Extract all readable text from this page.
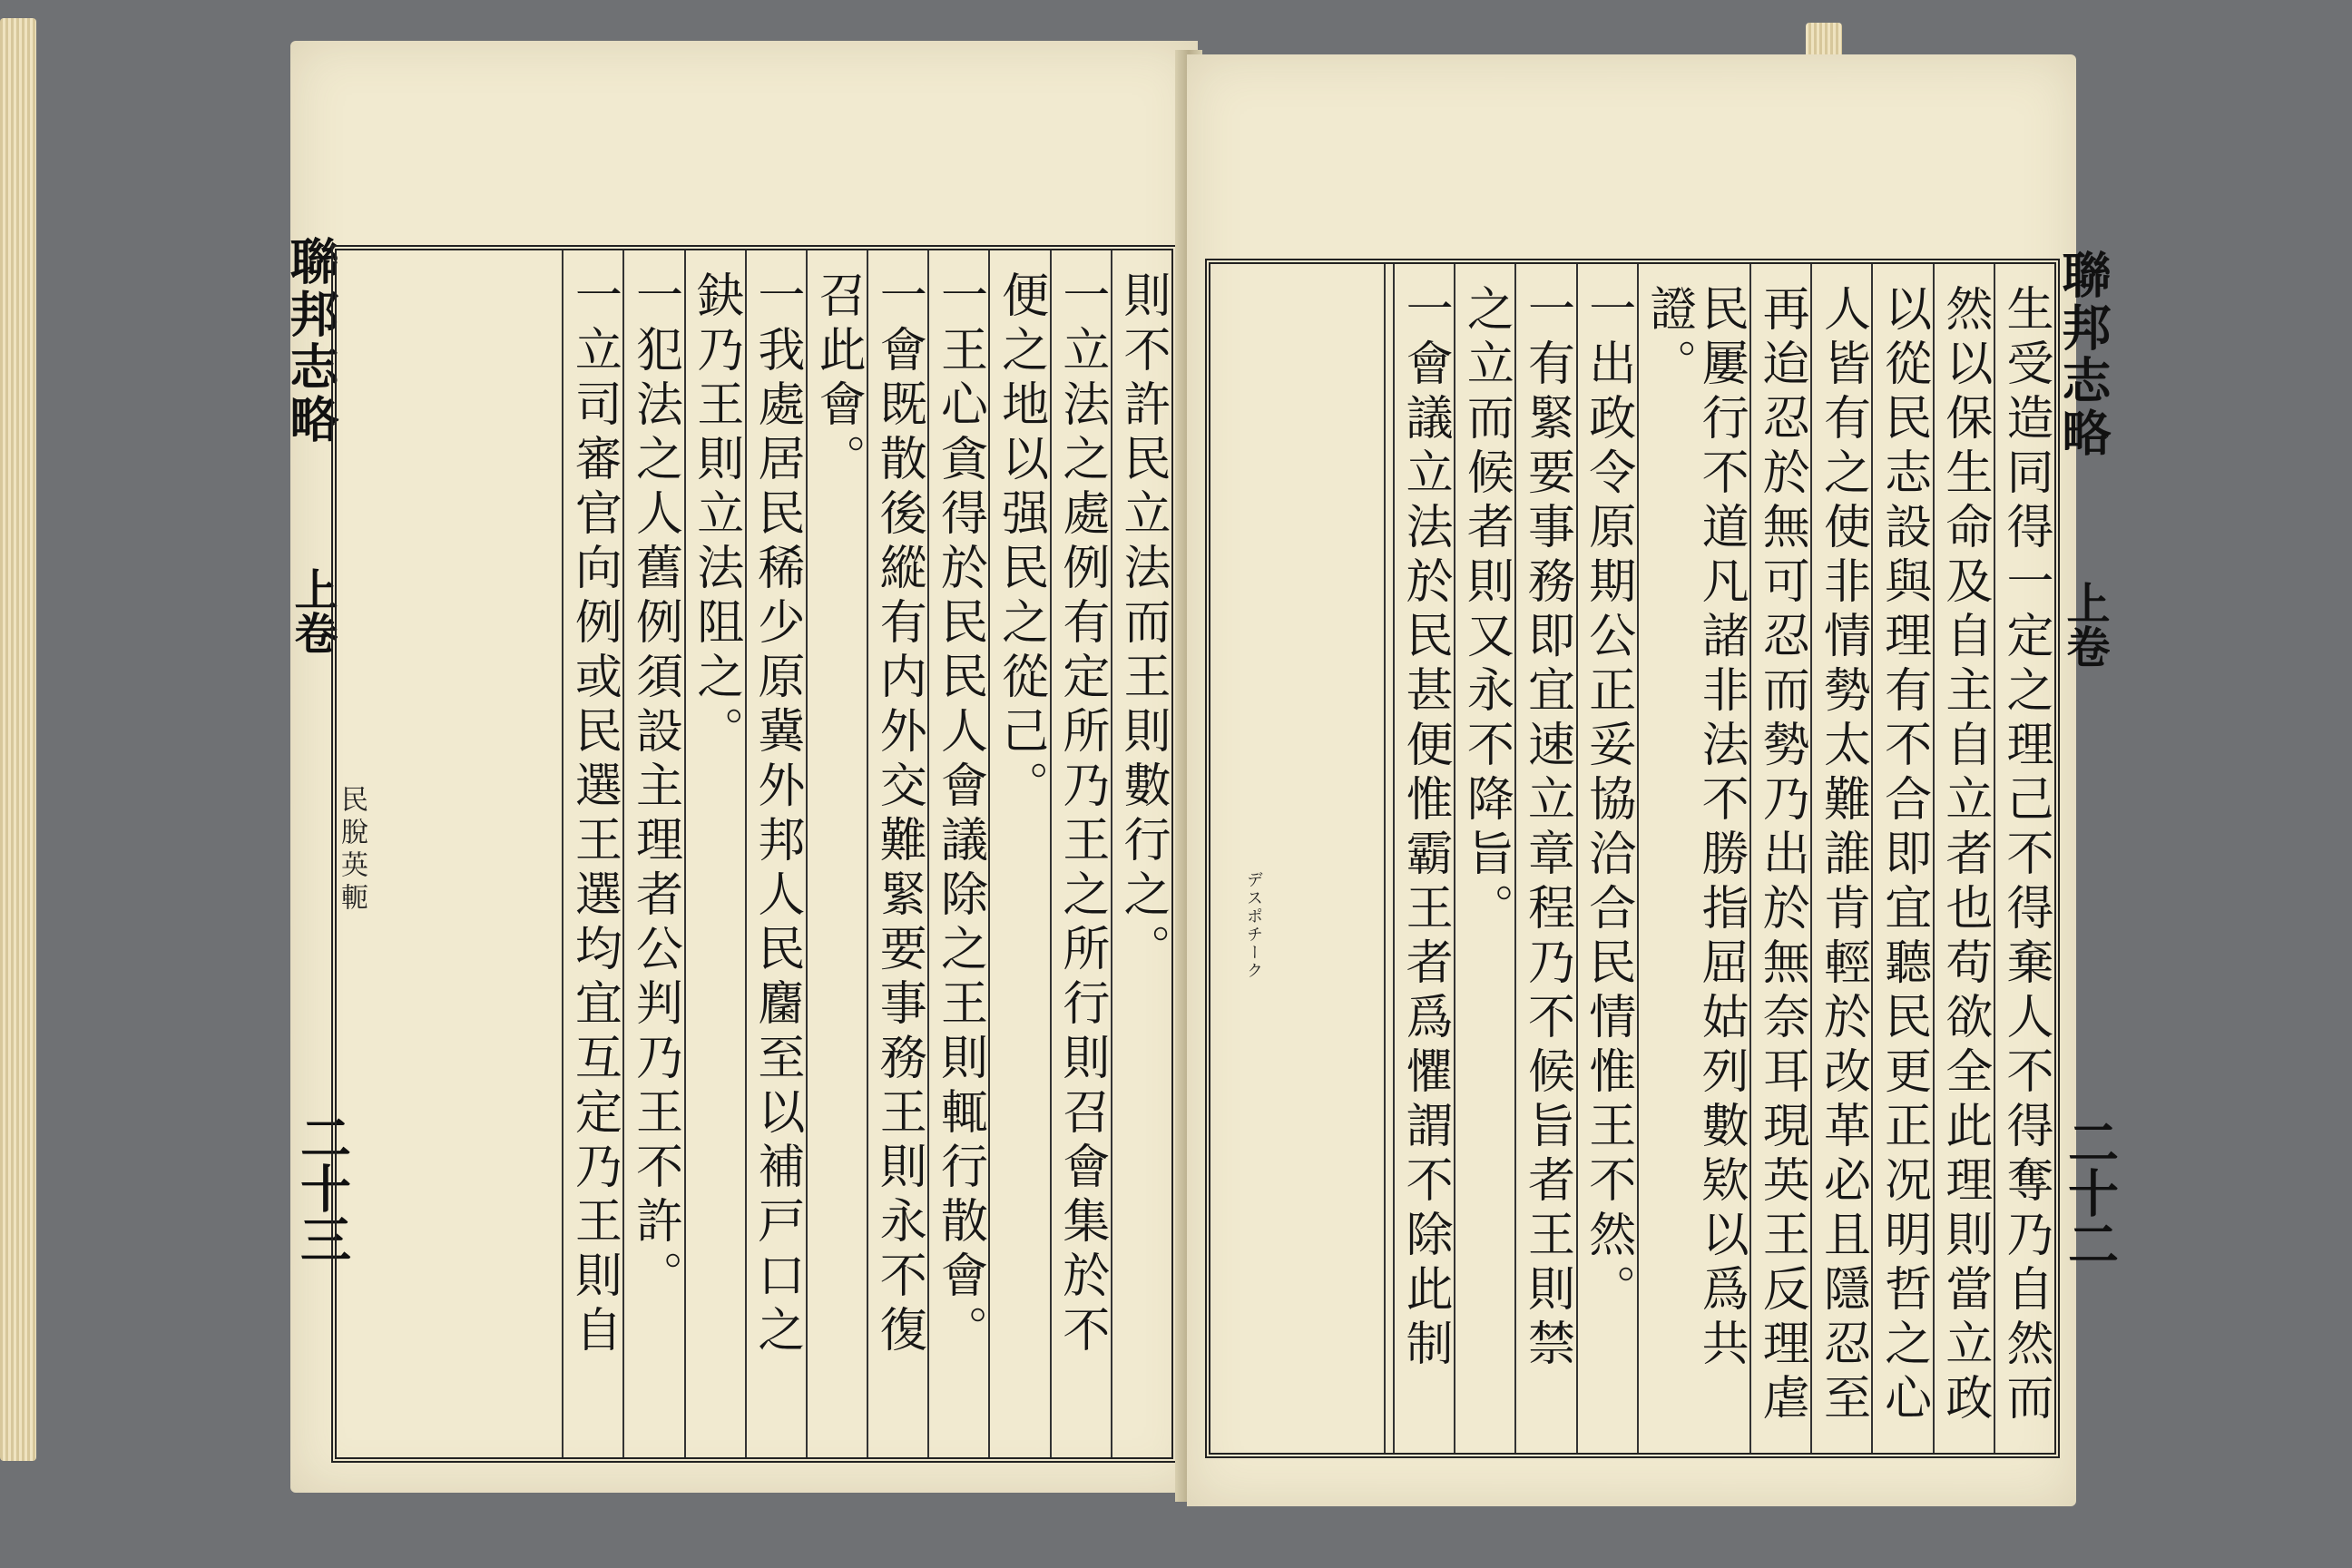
聯邦志略
上卷
民脫英軛
二十三
則不許民立法而王則數行之。
一立法之處例有定所乃王之所行則召會集於不
便之地以强民之從己。
一王心貪得於民民人會議除之王則輒行散會。
一會既散後縱有内外交難緊要事務王則永不復
召此會。
一我處居民稀少原冀外邦人民麕至以補戸口之
鈌乃王則立法阻之。
一犯法之人舊例須設主理者公判乃王不許。
一立司審官向例或民選王選均宜互定乃王則自	聯邦志略
上卷
二十二
デスポチーク	生受造同得一定之理己不得棄人不得奪乃自然而
然以保生命及自主自立者也苟欲全此理則當立政
以從民志設與理有不合即宜聽民更正况明哲之心
人皆有之使非情勢太難誰肯輕於改革必且隱忍至
再迨忍於無可忍而勢乃出於無奈耳現英王反理虐
民屢行不道凡諸非法不勝指屈姑列數欵以爲共證。
一出政令原期公正妥協洽合民情惟王不然。
一有緊要事務即宜速立章程乃不候旨者王則禁
之立而候者則又永不降旨。
一會議立法於民甚便惟霸王者爲懼謂不除此制
